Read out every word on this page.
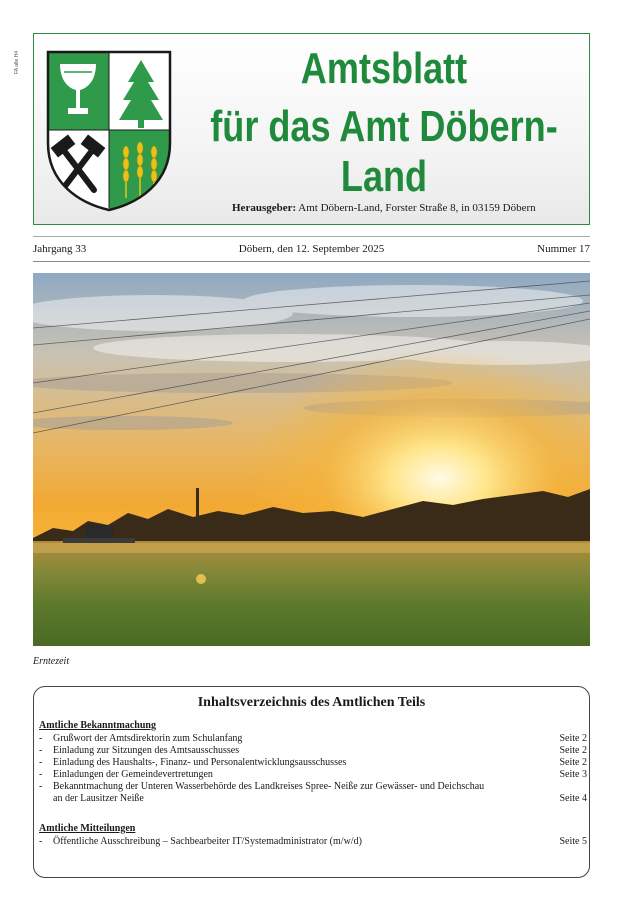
FA alte H4	Amtsblatt
für das Amt Döbern-Land
Herausgeber: Amt Döbern-Land, Forster Straße 8, in 03159 Döbern
Jahrgang 33	Döbern, den 12. September 2025	Nummer 17
Erntezeit
Inhaltsverzeichnis des Amtlichen Teils
Amtliche Bekanntmachung
- Grußwort der Amtsdirektorin zum Schulanfang	Seite 2
- Einladung zur Sitzungen des Amtsausschusses	Seite 2
- Einladung des Haushalts-, Finanz- und Personalentwicklungsausschusses	Seite 2
- Einladungen der Gemeindevertretungen	Seite 3
- Bekanntmachung der Unteren Wasserbehörde des Landkreises Spree- Neiße zur Gewässer- und Deichschau
an der Lausitzer Neiße	Seite 4
Amtliche Mitteilungen
- Öffentliche Ausschreibung – Sachbearbeiter IT/Systemadministrator (m/w/d)	Seite 5
